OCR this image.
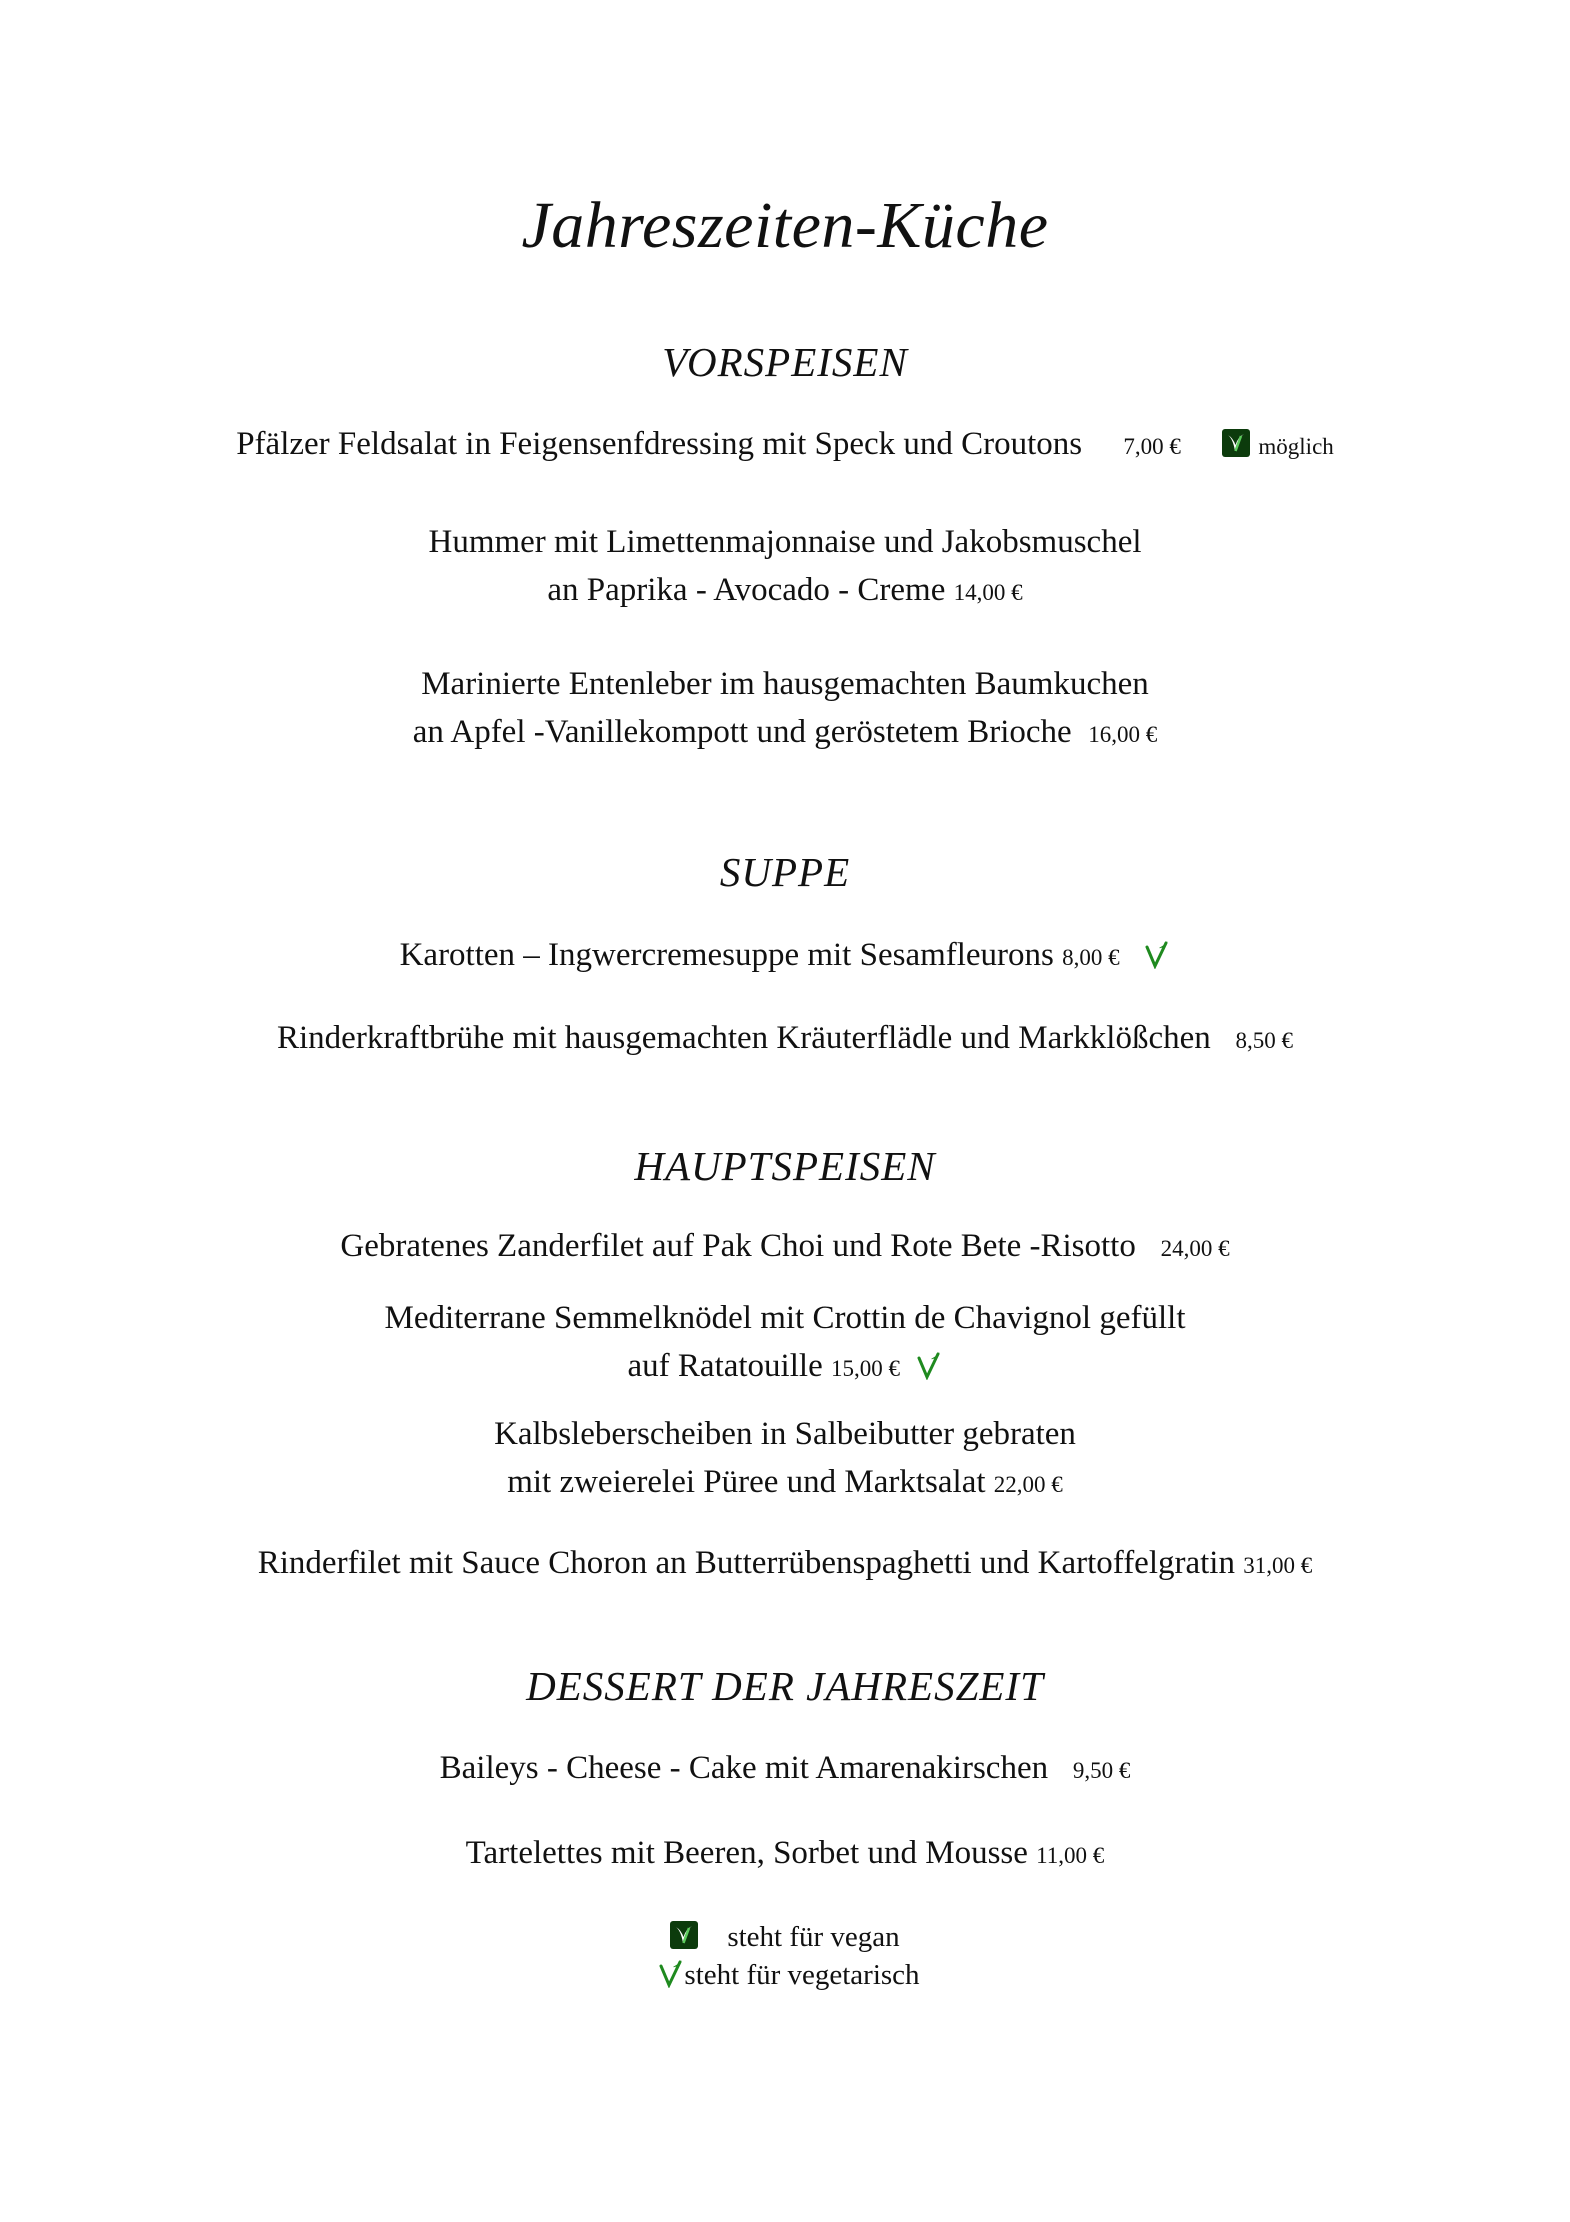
Jahreszeiten-Küche
VORSPEISEN
Pfälzer Feldsalat in Feigensenfdressing mit Speck und Croutons 7,00 €	möglich
Hummer mit Limettenmajonnaise und Jakobsmuschel
an Paprika - Avocado - Creme 14,00 €
Marinierte Entenleber im hausgemachten Baumkuchen
an Apfel -Vanillekompott und geröstetem Brioche 16,00 €
SUPPE
Karotten – Ingwercremesuppe mit Sesamfleurons 8,00 €
Rinderkraftbrühe mit hausgemachten Kräuterflädle und Markklößchen 8,50 €
HAUPTSPEISEN
Gebratenes Zanderfilet auf Pak Choi und Rote Bete -Risotto 24,00 €
Mediterrane Semmelknödel mit Crottin de Chavignol gefüllt
auf Ratatouille 15,00 €
Kalbsleberscheiben in Salbeibutter gebraten
mit zweierelei Püree und Marktsalat 22,00 €
Rinderfilet mit Sauce Choron an Butterrübenspaghetti und Kartoffelgratin 31,00 €
DESSERT DER JAHRESZEIT
Baileys - Cheese - Cake mit Amarenakirschen 9,50 €
Tartelettes mit Beeren, Sorbet und Mousse 11,00 €
steht für vegan
steht für vegetarisch
